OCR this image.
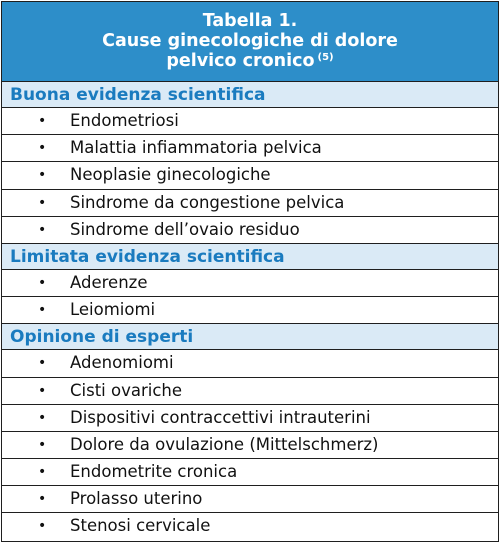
Tabella 1.
Cause ginecologiche di dolore
pelvico cronico $^{(5)}$
Buona evidenza scientifica
• Endometriosi
• Malattia infiammatoria pelvica
• Neoplasie ginecologiche
• Sindrome da congestione pelvica
• Sindrome dell’ovaio residuo
Limitata evidenza scientifica
• Aderenze
• Leiomiomi
Opinione di esperti
• Adenomiomi
• Cisti ovariche
• Dispositivi contraccettivi intrauterini
• Dolore da ovulazione (Mittelschmerz)
• Endometrite cronica
• Prolasso uterino
• Stenosi cervicale
